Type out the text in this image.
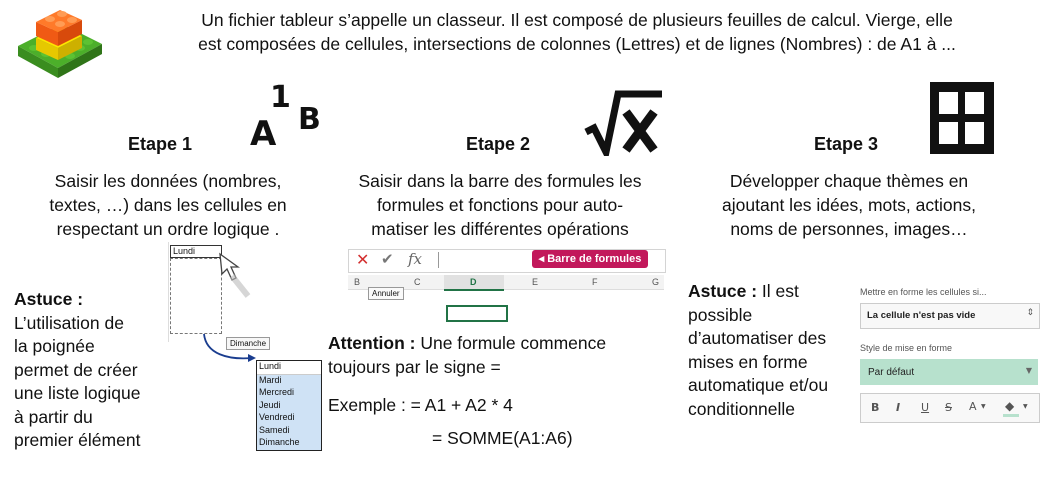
Un fichier tableur s’appelle un classeur. Il est composé de plusieurs feuilles de calcul. Vierge, elle
est composées de cellules, intersections de colonnes (Lettres) et de lignes (Nombres) : de A1 à ...
Etape 1 A
1
B
Saisir les données (nombres,
textes, …) dans les cellules en
respectant un ordre logique .
Etape 2
Saisir dans la barre des formules les
formules et fonctions pour auto-
matiser les différentes opérations
Etape 3
Développer chaque thèmes en
ajoutant les idées, mots, actions,
noms de personnes, images…
Astuce :
L’utilisation de
la poignée
permet de créer
une liste logique
à partir du
premier élément
Lundi
Dimanche
Lundi
Mardi
Mercredi
Jeudi
Vendredi
Samedi
Dimanche
✕ ✔ fx	◂ Barre de formules
B	C	D	E	F	G
Annuler
Attention : Une formule commence
toujours par le signe =
Exemple : = A1 + A2 * 4
= SOMME(A1:A6)
Astuce : Il est
possible
d’automatiser des
mises en forme
automatique et/ou
conditionnelle
Mettre en forme les cellules si...
La cellule n'est pas vide	⇕
Style de mise en forme
Par défaut	▼
B I U S A ▼ ◆ ▼
